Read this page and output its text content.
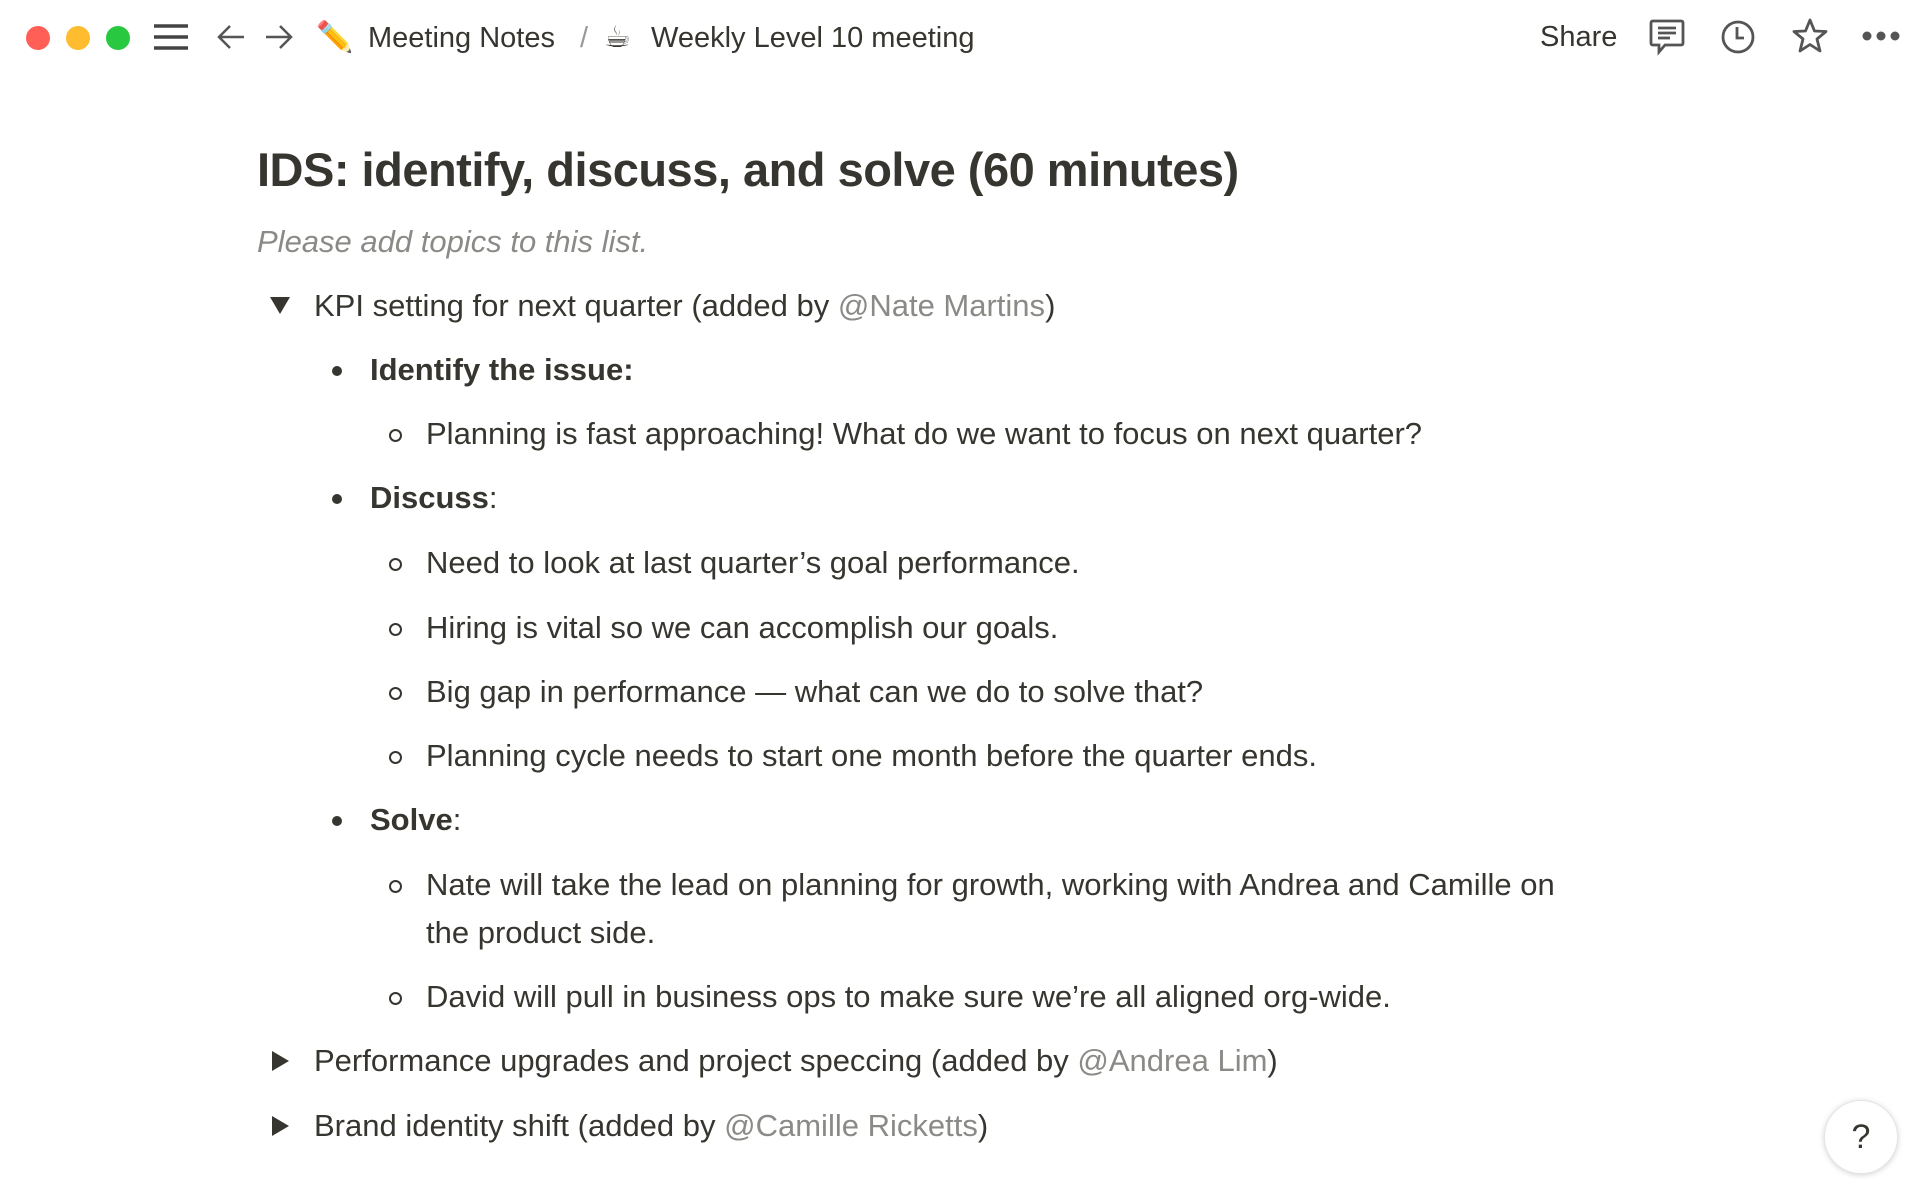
✏️ Meeting Notes / ☕ Weekly Level 10 meeting	Share
IDS: identify, discuss, and solve (60 minutes)
Please add topics to this list.
KPI setting for next quarter (added by @Nate Martins)
Identify the issue:
Planning is fast approaching! What do we want to focus on next quarter?
Discuss:
Need to look at last quarter’s goal performance.
Hiring is vital so we can accomplish our goals.
Big gap in performance — what can we do to solve that?
Planning cycle needs to start one month before the quarter ends.
Solve:
Nate will take the lead on planning for growth, working with Andrea and Camille on
the product side.
David will pull in business ops to make sure we’re all aligned org-wide.
Performance upgrades and project speccing (added by @Andrea Lim)
Brand identity shift (added by @Camille Ricketts)	?
